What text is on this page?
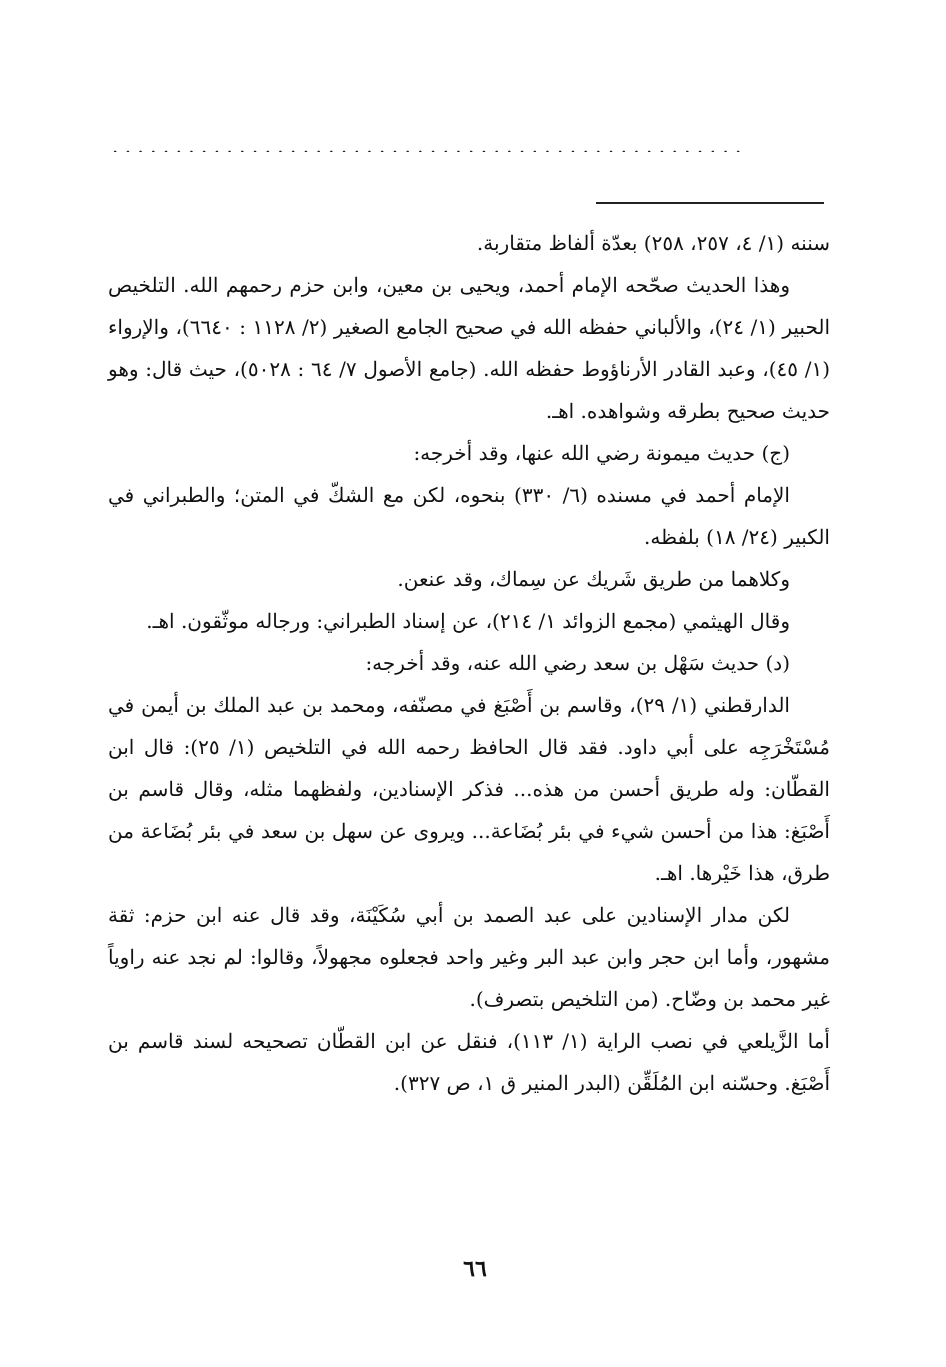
. . . . . . . . . . . . . . . . . . . . . . . . . . . . . . . . . . . . . . . . . . . . . . . . . .

سننه (١/ ٤، ٢٥٧، ٢٥٨) بعدّة ألفاظ متقاربة.

وهذا الحديث صحّحه الإمام أحمد، ويحيى بن معين، وابن حزم رحمهم الله. التلخيص الحبير (١/ ٢٤)، والألباني حفظه الله في صحيح الجامع الصغير (٢/ ١١٢٨ : ٦٦٤٠)، والإرواء (١/ ٤٥)، وعبد القادر الأرناؤوط حفظه الله. (جامع الأصول ٧/ ٦٤ : ٥٠٢٨)، حيث قال: وهو حديث صحيح بطرقه وشواهده. اهـ.

(ج) حديث ميمونة رضي الله عنها، وقد أخرجه:

الإمام أحمد في مسنده (٦/ ٣٣٠) بنحوه، لكن مع الشكّ في المتن؛ والطبراني في الكبير (٢٤/ ١٨) بلفظه.

وكلاهما من طريق شَريك عن سِماك، وقد عنعن.

وقال الهيثمي (مجمع الزوائد ١/ ٢١٤)، عن إسناد الطبراني: ورجاله موثّقون. اهـ.

(د) حديث سَهْل بن سعد رضي الله عنه، وقد أخرجه:

الدارقطني (١/ ٢٩)، وقاسم بن أَصْبَغ في مصنّفه، ومحمد بن عبد الملك بن أيمن في مُسْتَخْرَجِه على أبي داود. فقد قال الحافظ رحمه الله في التلخيص (١/ ٢٥): قال ابن القطّان: وله طريق أحسن من هذه... فذكر الإسنادين، ولفظهما مثله، وقال قاسم بن أَصْبَغ: هذا من أحسن شيء في بئر بُضَاعة... ويروى عن سهل بن سعد في بئر بُضَاعة من طرق، هذا خَيْرها. اهـ.

لكن مدار الإسنادين على عبد الصمد بن أبي سُكَيْنَة، وقد قال عنه ابن حزم: ثقة مشهور، وأما ابن حجر وابن عبد البر وغير واحد فجعلوه مجهولاً، وقالوا: لم نجد عنه راوياً غير محمد بن وضّاح. (من التلخيص بتصرف).

أما الزَّيلعي في نصب الراية (١/ ١١٣)، فنقل عن ابن القطّان تصحيحه لسند قاسم بن أَصْبَغ. وحسّنه ابن المُلَقِّن (البدر المنير ق ١، ص ٣٢٧).

٦٦
